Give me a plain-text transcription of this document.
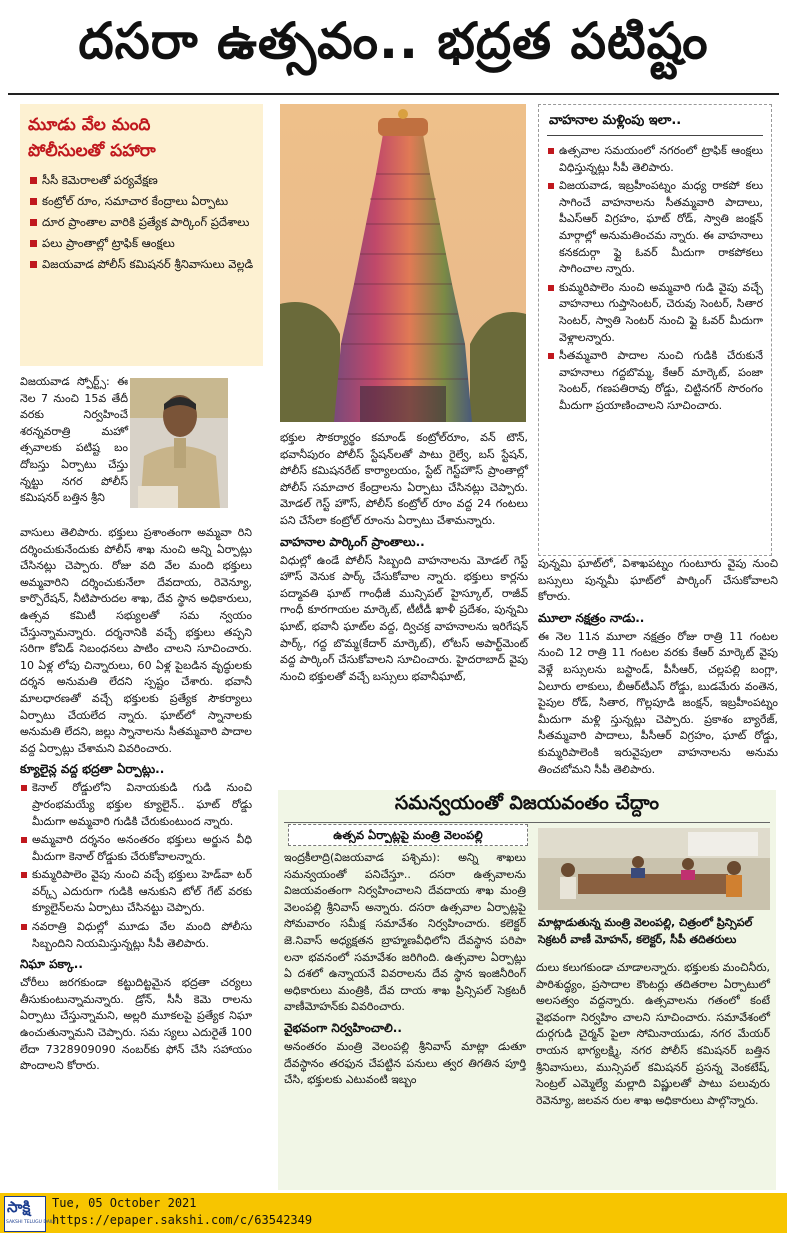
దసరా ఉత్సవం.. భద్రత పటిష్టం
మూడు వేల మంది
పోలీసులతో పహారా
సీసీ కెమెరాలతో పర్యవేక్షణ
కంట్రోల్ రూం, సమాచార కేంద్రాలు ఏర్పాటు
దూర ప్రాంతాల వారికి ప్రత్యేక పార్కింగ్ ప్రదేశాలు
పలు ప్రాంతాల్లో ట్రాఫిక్ ఆంక్షలు
విజయవాడ పోలీస్ కమిషనర్ శ్రీనివాసులు వెల్లడి

విజయవాడ స్పోర్ట్స్: ఈ నెల 7 నుంచి 15వ తేదీ వరకు నిర్వహించే శరన్నవరాత్రి మహో త్సవాలకు పటిష్ట బం దోబస్తు ఏర్పాటు చేస్తు న్నట్టు నగర పోలీస్ కమిషనర్ బత్తిన శ్రీని

వాసులు తెలిపారు. భక్తులు ప్రశాంతంగా అమ్మవా రిని దర్శించుకునేందుకు పోలీస్ శాఖ నుంచి అన్ని ఏర్పాట్లు చేసినట్లు చెప్పారు. రోజు వది వేల మంది భక్తులు అమ్మవారిని దర్శించుకునేలా దేవదాయ, రెవెన్యూ, కార్పొరేషన్, నీటిపారుదల శాఖ, దేవ స్థాన అధికారులు, ఉత్సవ కమిటీ సభ్యులతో సమ న్వయం చేస్తున్నామన్నారు. దర్శనానికి వచ్చే భక్తులు తప్పని సరిగా కోవిడ్ నిబంధనలు పాటిం చాలని సూచించారు. 10 ఏళ్ల లోపు చిన్నారులు, 60 ఏళ్ల పైబడిన వృద్ధులకు దర్శన అనుమతి లేదని స్పష్టం చేశారు. భవానీ మాలధారణతో వచ్చే భక్తులకు ప్రత్యేక సౌకర్యాలు ఏర్పాటు చేయలేద న్నారు. ఘాట్‌లో స్నానాలకు అనుమతి లేదని, జల్లు స్నానాలను సీతమ్మవారి పాదాల వద్ద ఏర్పాట్లు చేశామని వివరించారు.

క్యూలైన్ల వద్ద భద్రతా ఏర్పాట్లు..

కెనాల్ రోడ్డులోని వినాయకుడి గుడి నుంచి ప్రారంభమయ్యే భక్తుల క్యూలైన్.. ఘాట్ రోడ్డు మీదుగా అమ్మవారి గుడికి చేరుకుంటుంద న్నారు.

అమ్మవారి దర్శనం అనంతరం భక్తులు అర్జున వీధి మీదుగా కెనాల్ రోడ్డుకు చేరుకోవాలన్నారు.

కుమ్మరిపాలెం వైపు నుంచి వచ్చే భక్తులు హెడ్‌వా టర్ వర్క్స్ ఎదురుగా గుడికి ఆనుకుని టోల్ గేట్ వరకు క్యూలైన్‌లను ఏర్పాటు చేసినట్టు చెప్పారు.

నవరాత్రి విధుల్లో మూడు వేల మంది పోలీసు సిబ్బందిని నియమిస్తున్నట్లు సీపీ తెలిపారు.

నిఘా పక్కా..

చోరీలు జరగకుండా కట్టుదిట్టమైన భద్రతా చర్యలు తీసుకుంటున్నామన్నారు. డ్రోన్, సీసీ కెమె రాలను ఏర్పాటు చేస్తున్నామని, అల్లరి మూకలపై ప్రత్యేక నిఘా ఉంచుతున్నామని చెప్పారు. సమ స్యలు ఎదురైతే 100 లేదా 7328909090 నంబర్‌కు ఫోన్ చేసి సహాయం పొందాలని కోరారు.

భక్తుల సౌకర్యార్థం కమాండ్ కంట్రోల్‌రూం, వన్ టౌన్, భవానీపురం పోలీస్ స్టేషన్‌లతో పాటు రైల్వే, బస్ స్టేషన్, పోలీస్ కమిషనరేట్ కార్యాలయం, స్టేట్ గెస్ట్‌హౌస్ ప్రాంతాల్లో పోలీస్ సమాచార కేంద్రాలను ఏర్పాటు చేసినట్లు చెప్పారు. మోడల్ గెస్ట్‌ హౌస్, పోలీస్ కంట్రోల్ రూం వద్ద 24 గంటలు పని చేసేలా కంట్రోల్ రూంను ఏర్పాటు చేశామన్నారు.

వాహనాల పార్కింగ్ ప్రాంతాలు..

విధుల్లో ఉండే పోలీస్ సిబ్బంది వాహనాలను మోడల్ గెస్ట్ హౌస్ వెనుక పార్క్ చేసుకోవాల న్నారు. భక్తులు కార్లను పద్మావతి ఘాట్ గాంధీజీ మున్సిపల్ హైస్కూల్, రాజీవ్ గాంధీ కూరగాయల మార్కెట్, టీటీడీ ఖాళీ ప్రదేశం, పున్నమి ఘాట్, భవానీ ఘాట్‌ల వద్ద, ద్విచక్ర వాహనాలను ఇరిగేషన్ పార్క్, గద్ద బొమ్మ(కేదార్ మార్కెట్), లోటస్ అపార్ట్‌మెంట్ వద్ద పార్కింగ్ చేసుకోవాలని సూచించారు. హైదరాబాద్ వైపు నుంచి భక్తులతో వచ్చే బస్సులు భవానీఘాట్,

వాహనాల మళ్లింపు ఇలా..

ఉత్సవాల సమయంలో నగరంలో ట్రాఫిక్ ఆంక్షలు విధిస్తున్నట్లు సీపీ తెలిపారు.

విజయవాడ, ఇబ్రహీంపట్నం మధ్య రాకపో కలు సాగించే వాహనాలను సీతమ్మవారి పాదాలు, పీఎస్‌ఆర్ విగ్రహం, ఘాట్ రోడ్, స్వాతి జంక్షన్ మార్గాల్లో అనుమతించమ న్నారు. ఈ వాహనాలు కనకదుర్గా ఫ్లై ఓవర్ మీదుగా రాకపోకలు సాగించాల న్నారు.

కుమ్మరిపాలెం నుంచి అమ్మవారి గుడి వైపు వచ్చే వాహనాలు గుప్తాసెంటర్, చెరువు సెంటర్, సితార సెంటర్, స్వాతి సెంటర్ నుంచి ఫ్లై ఓవర్ మీదుగా వెళ్లాలన్నారు.

సీతమ్మవారి పాదాల నుంచి గుడికి చేరుకునే వాహనాలు గద్దబొమ్మ, కేఆర్ మార్కెట్, పంజా సెంటర్, గణపతిరావు రోడ్డు, చిట్టినగర్ సొరంగం మీదుగా ప్రయాణించాలని సూచించారు.

పున్నమి ఘాట్‌లో, విశాఖపట్నం గుంటూరు వైపు నుంచి బస్సులు పున్నమీ ఘాట్‌లో పార్కింగ్ చేసుకోవాలని కోరారు.

మూలా నక్షత్రం నాడు..

ఈ నెల 11న మూలా నక్షత్రం రోజు రాత్రి 11 గంటల నుంచి 12 రాత్రి 11 గంటల వరకు కేఆర్ మార్కెట్ వైపు వెళ్లే బస్సులను బస్టాండ్, పీసీఆర్, చల్లపల్లి బంగ్లా, ఏలూరు లాకులు, బీఆర్‌టీఎస్ రోడ్డు, బుడమేరు వంతెన, పైపుల రోడ్, సితార, గొల్లపూడి జంక్షన్, ఇబ్రహీంపట్నం మీదుగా మళ్లి స్తున్నట్లు చెప్పారు. ప్రకాశం బ్యారేజ్, సీతమ్మవారి పాదాలు, పీసీఆర్ విగ్రహం, ఘాట్ రోడ్డు, కుమ్మరిపాలెంకి ఇరువైపులా వాహనాలను అనుమ తించబోమని సీపీ తెలిపారు.

సమన్వయంతో విజయవంతం చేద్దాం
ఉత్సవ ఏర్పాట్లపై మంత్రి వెలంపల్లి

ఇంద్రకీలాద్రి(విజయవాడ పశ్చిమ): అన్ని శాఖలు సమన్వయంతో పనిచేస్తూ.. దసరా ఉత్సవాలను విజయవంతంగా నిర్వహించాలని దేవదాయ శాఖ మంత్రి వెలంపల్లి శ్రీనివాస్ అన్నారు. దసరా ఉత్సవాల ఏర్పాట్లపై సోమవారం సమీక్ష సమావేశం నిర్వహించారు. కలెక్టర్ జె.నివాస్ అధ్యక్షతన బ్రాహ్మణవీధిలోని దేవస్థాన పరిపా లనా భవనంలో సమావేశం జరిగింది. ఉత్సవాల ఏర్పాట్లు ఏ దశలో ఉన్నాయనే వివరాలను దేవ స్థాన ఇంజినీరింగ్ అధికారులు మంత్రికి, దేవ దాయ శాఖ ప్రిన్సిపల్ సెక్రటరీ వాణీమోహన్‌కు వివరించారు.

వైభవంగా నిర్వహించాలి..

అనంతరం మంత్రి వెలంపల్లి శ్రీనివాస్ మాట్లా డుతూ దేవస్థానం తరఫున చేపట్టిన పనులు త్వర తిగతిన పూర్తి చేసి, భక్తులకు ఎటువంటి ఇబ్బం

మాట్లాడుతున్న మంత్రి వెలంపల్లి, చిత్రంలో ప్రిన్సిపల్ సెక్రటరీ వాణీ మోహన్, కలెక్టర్, సీపీ తదితరులు

దులు కలుగకుండా చూడాలన్నారు. భక్తులకు మంచినీరు, పారిశుద్ధ్యం, ప్రసాదాల కౌంటర్లు తదితరాల ఏర్పాటులో అలసత్వం వద్దన్నారు. ఉత్సవాలను గతంలో కంటే వైభవంగా నిర్వహిం చాలని సూచించారు. సమావేశంలో దుర్గగుడి చైర్మన్ పైలా సోమినాయుడు, నగర మేయర్ రాయన భాగ్యలక్ష్మి, నగర పోలీస్ కమిషనర్ బత్తిన శ్రీనివాసులు, మున్సిపల్ కమిషనర్ ప్రసన్న వెంకటేష్, సెంట్రల్ ఎమ్మెల్యే మల్లాది విష్ణులతో పాటు పలువురు రెవెన్యూ, జలవన రుల శాఖ అధికారులు పాల్గొన్నారు.

సాక్షి
SAKSHI TELUGU DAILY
Tue, 05 October 2021
https://epaper.sakshi.com/c/63542349
